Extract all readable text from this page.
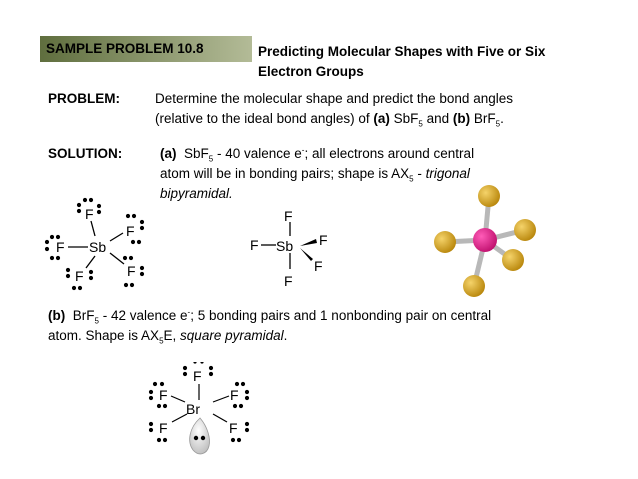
SAMPLE PROBLEM 10.8	Predicting Molecular Shapes with Five or Six
Electron Groups
PROBLEM:	Determine the molecular shape and predict the bond angles
(relative to the ideal bond angles) of (a) SbF$_5$ and (b) BrF$_5$.
SOLUTION:	(a) SbF$_5$ - 40 valence e-; all electrons around central
atom will be in bonding pairs; shape is $AX_5$ - trigonal
bipyramidal.
Sb
F
F
F
F	F
F
F Sb F
F
F
(b) BrF$_5$ - 42 valence e-; 5 bonding pairs and 1 nonbonding pair on central
atom. Shape is $AX_5E$, square pyramidal.
Br
F
F	F
F	F
